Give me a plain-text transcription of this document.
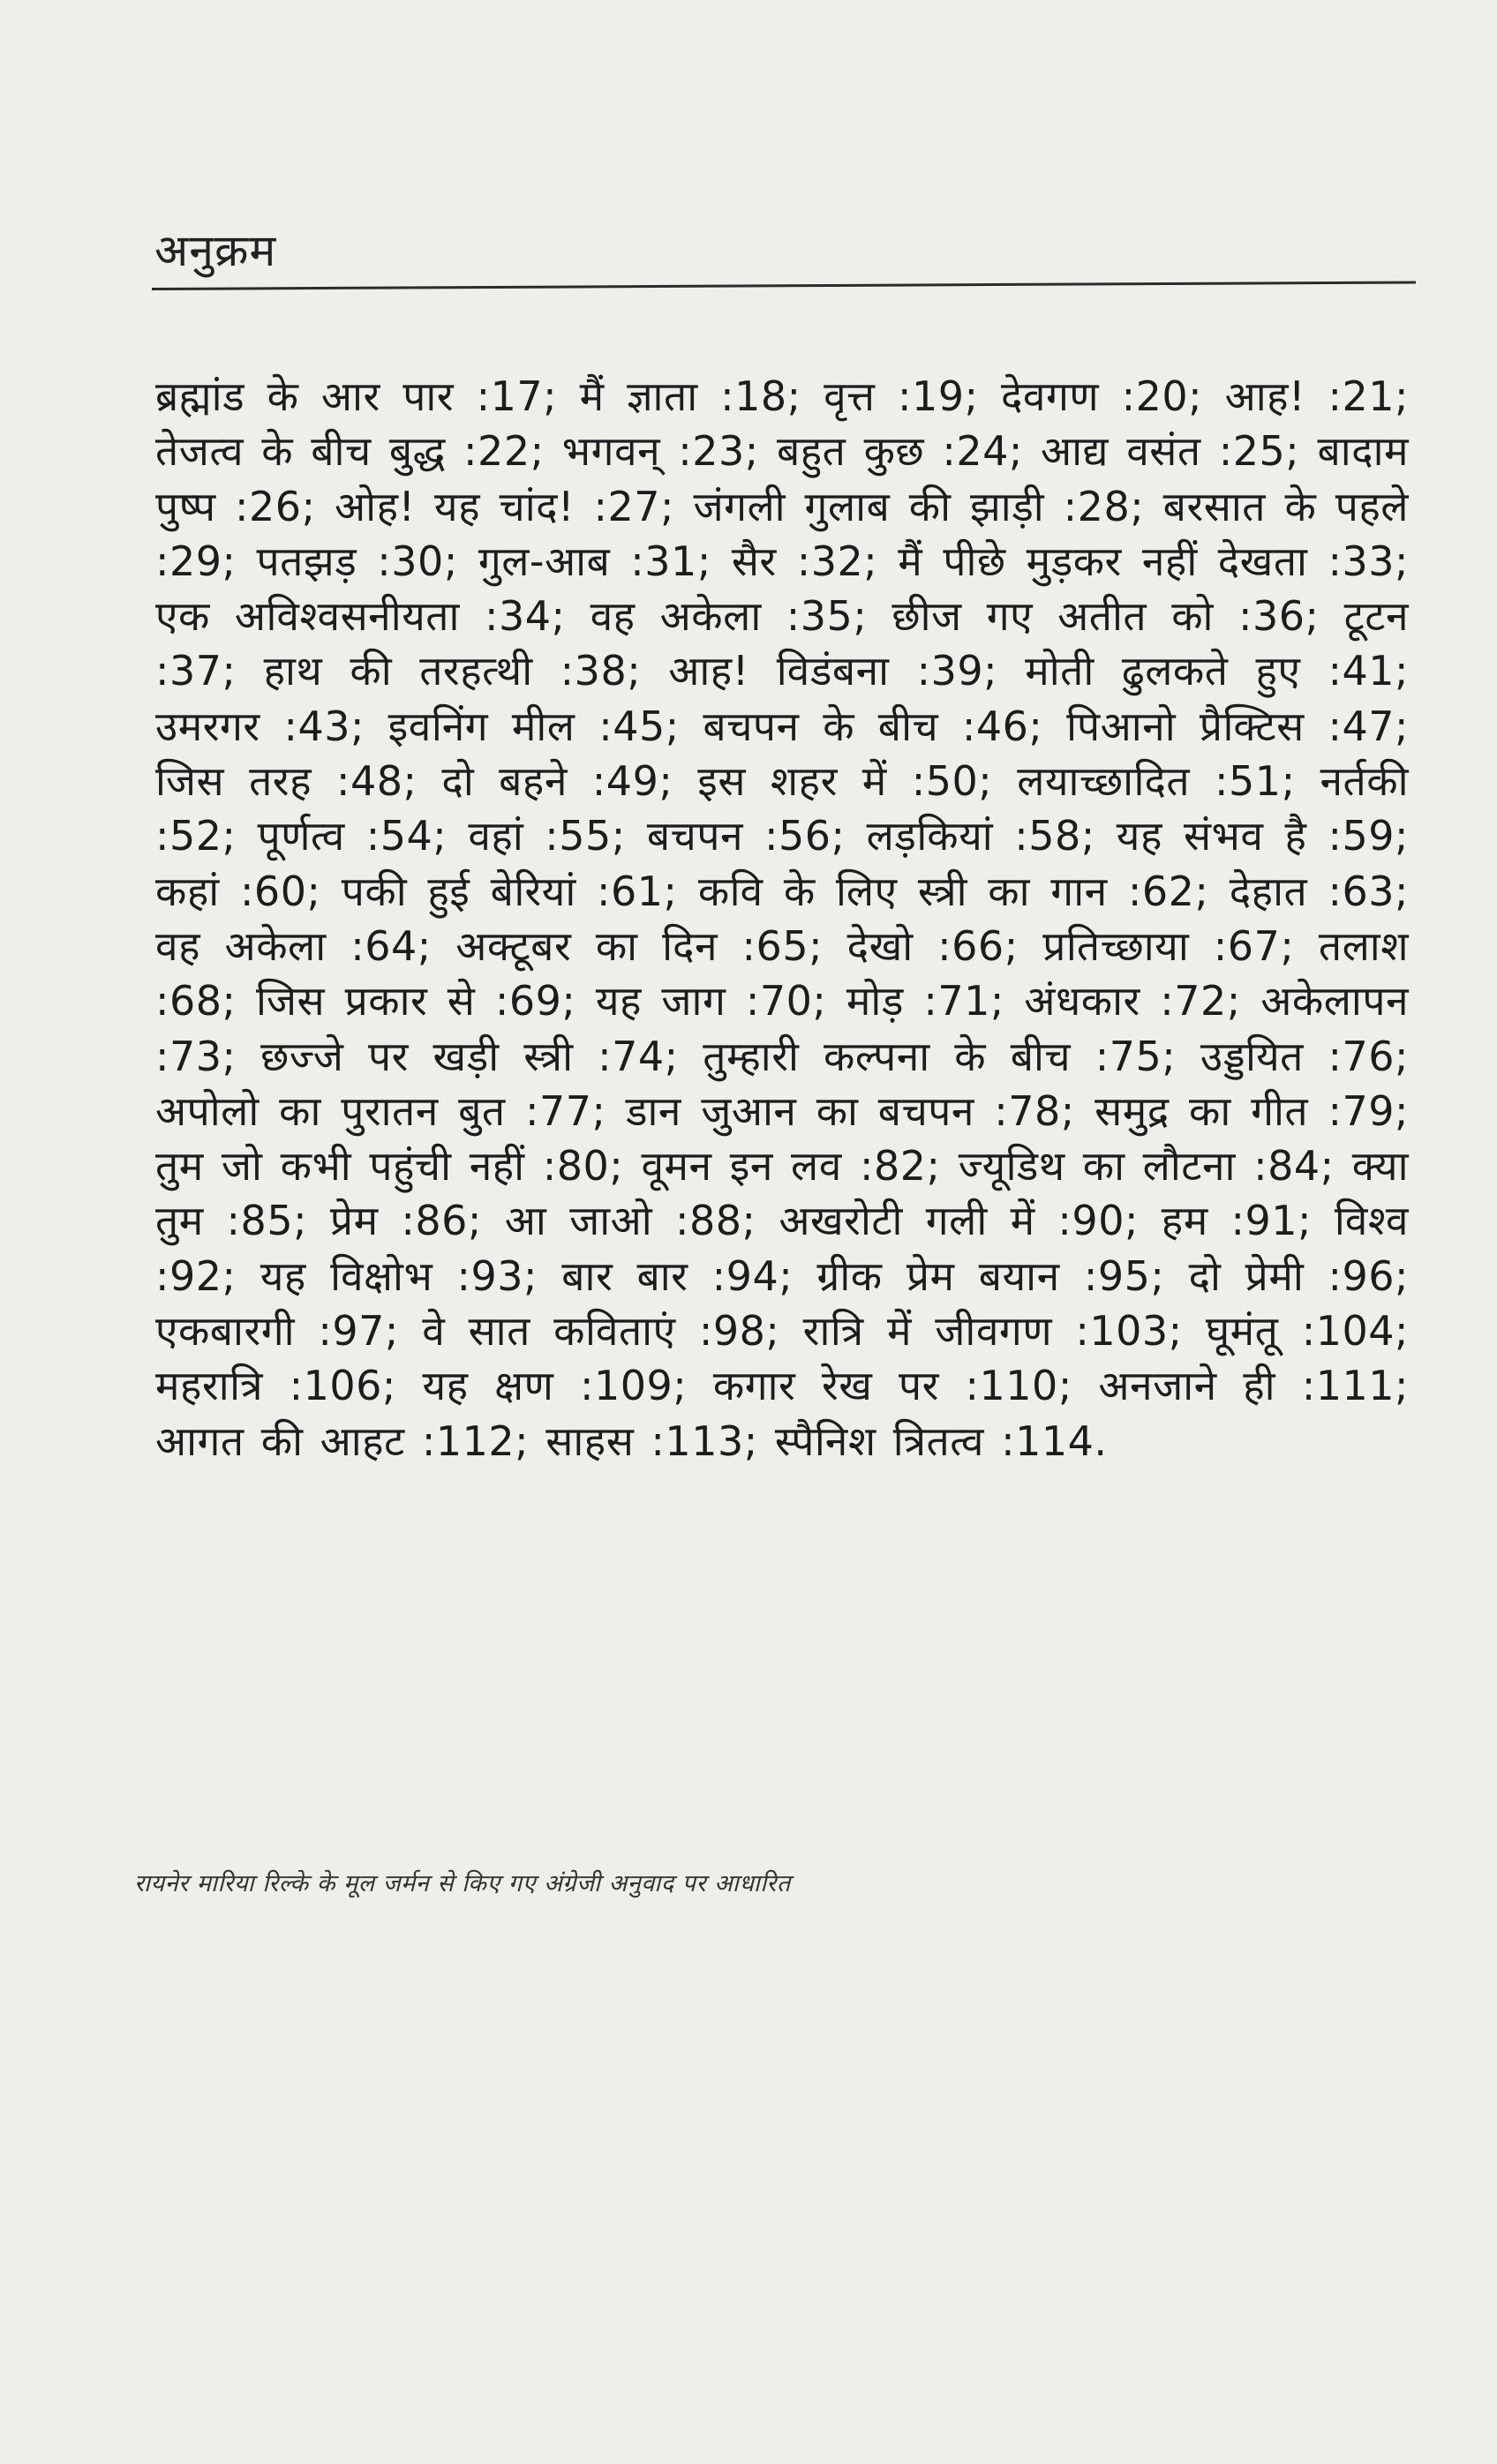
अनुक्रम
ब्रह्मांड के आर पार :17; मैं ज्ञाता :18; वृत्त :19; देवगण :20; आह! :21; तेजत्व के बीच बुद्ध :22; भगवन् :23; बहुत कुछ :24; आद्य वसंत :25; बादाम पुष्प :26; ओह! यह चांद! :27; जंगली गुलाब की झाड़ी :28; बरसात के पहले :29; पतझड़ :30; गुल-आब :31; सैर :32; मैं पीछे मुड़कर नहीं देखता :33; एक अविश्वसनीयता :34; वह अकेला :35; छीज गए अतीत को :36; टूटन :37; हाथ की तरहत्थी :38; आह! विडंबना :39; मोती ढुलकते हुए :41; उमरगर :43; इवनिंग मील :45; बचपन के बीच :46; पिआनो प्रैक्टिस :47; जिस तरह :48; दो बहने :49; इस शहर में :50; लयाच्छादित :51; नर्तकी :52; पूर्णत्व :54; वहां :55; बचपन :56; लड़कियां :58; यह संभव है :59; कहां :60; पकी हुई बेरियां :61; कवि के लिए स्त्री का गान :62; देहात :63; वह अकेला :64; अक्टूबर का दिन :65; देखो :66; प्रतिच्छाया :67; तलाश :68; जिस प्रकार से :69; यह जाग :70; मोड़ :71; अंधकार :72; अकेलापन :73; छज्जे पर खड़ी स्त्री :74; तुम्हारी कल्पना के बीच :75; उड्डयित :76; अपोलो का पुरातन बुत :77; डान जुआन का बचपन :78; समुद्र का गीत :79; तुम जो कभी पहुंची नहीं :80; वूमन इन लव :82; ज्यूडिथ का लौटना :84; क्या तुम :85; प्रेम :86; आ जाओ :88; अखरोटी गली में :90; हम :91; विश्व :92; यह विक्षोभ :93; बार बार :94; ग्रीक प्रेम बयान :95; दो प्रेमी :96; एकबारगी :97; वे सात कविताएं :98; रात्रि में जीवगण :103; घूमंतू :104; महरात्रि :106; यह क्षण :109; कगार रेख पर :110; अनजाने ही :111; आगत की आहट :112; साहस :113; स्पैनिश त्रितत्व :114.
रायनेर मारिया रिल्के के मूल जर्मन से किए गए अंग्रेजी अनुवाद पर आधारित
